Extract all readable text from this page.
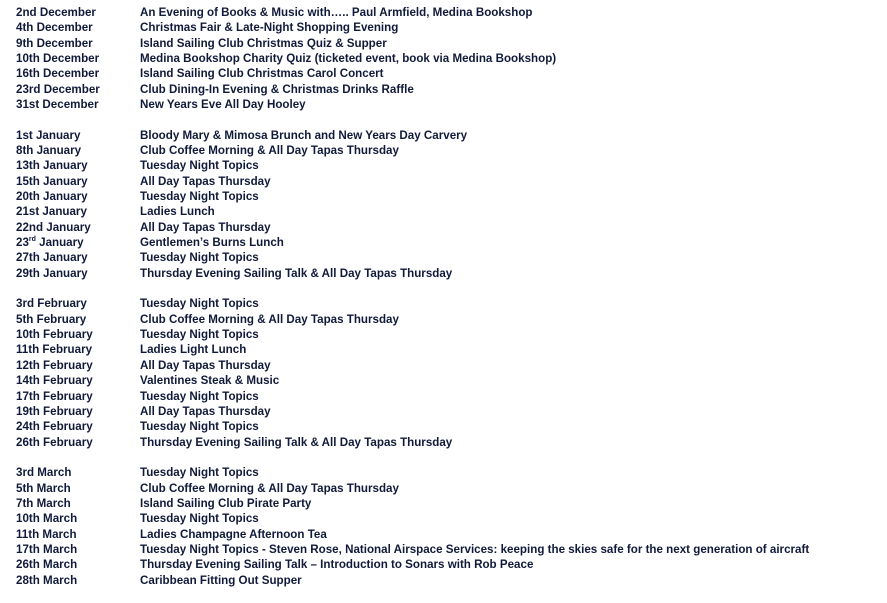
2nd December	An Evening of Books & Music with….. Paul Armfield, Medina Bookshop
4th December	Christmas Fair & Late-Night Shopping Evening
9th December	Island Sailing Club Christmas Quiz & Supper
10th December	Medina Bookshop Charity Quiz (ticketed event, book via Medina Bookshop)
16th December	Island Sailing Club Christmas Carol Concert
23rd December	Club Dining-In Evening & Christmas Drinks Raffle
31st December	New Years Eve All Day Hooley
1st January	Bloody Mary & Mimosa Brunch and New Years Day Carvery
8th January	Club Coffee Morning & All Day Tapas Thursday
13th January	Tuesday Night Topics
15th January	All Day Tapas Thursday
20th January	Tuesday Night Topics
21st January	Ladies Lunch
22nd January	All Day Tapas Thursday
23rd January	Gentlemen’s Burns Lunch
27th January	Tuesday Night Topics
29th January	Thursday Evening Sailing Talk & All Day Tapas Thursday
3rd February	Tuesday Night Topics
5th February	Club Coffee Morning & All Day Tapas Thursday
10th February	Tuesday Night Topics
11th February	Ladies Light Lunch
12th February	All Day Tapas Thursday
14th February	Valentines Steak & Music
17th February	Tuesday Night Topics
19th February	All Day Tapas Thursday
24th February	Tuesday Night Topics
26th February	Thursday Evening Sailing Talk & All Day Tapas Thursday
3rd March	Tuesday Night Topics
5th March	Club Coffee Morning & All Day Tapas Thursday
7th March	Island Sailing Club Pirate Party
10th March	Tuesday Night Topics
11th March	Ladies Champagne Afternoon Tea
17th March	Tuesday Night Topics - Steven Rose, National Airspace Services: keeping the skies safe for the next generation of aircraft
26th March	Thursday Evening Sailing Talk – Introduction to Sonars with Rob Peace
28th March	Caribbean Fitting Out Supper
